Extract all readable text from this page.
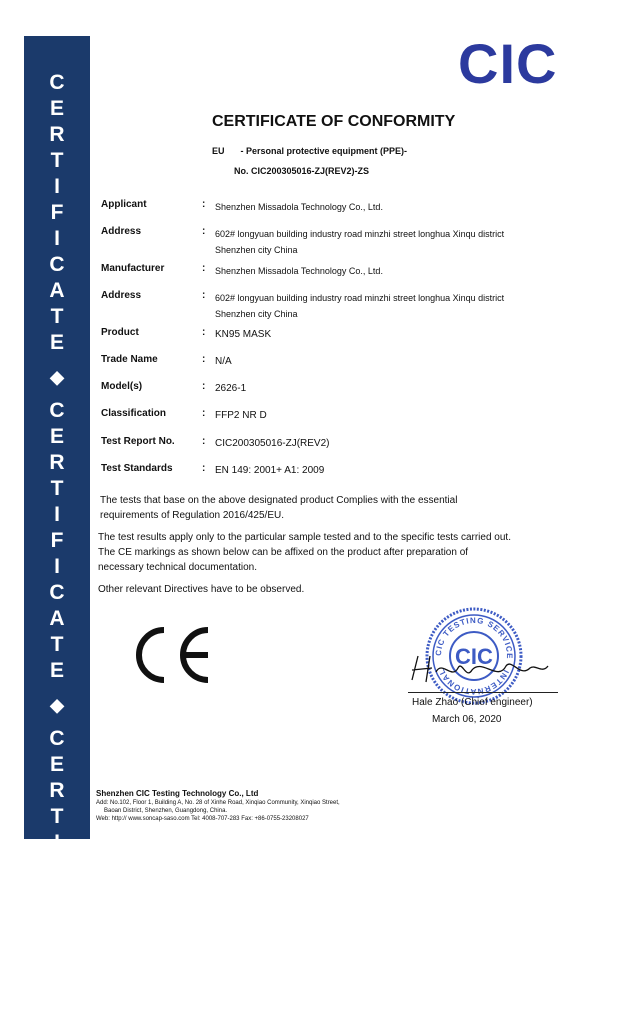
C
E
R
T
I
F
I
C
A
T
E
◆
C
E
R
T
I
F
I
C
A
T
E
◆
C
E
R
T
I
F
I
C
A
T
E
CIC
CERTIFICATE OF CONFORMITY
EU - Personal protective equipment (PPE)-
No. CIC200305016-ZJ(REV2)-ZS
Applicant	: Shenzhen Missadola Technology Co., Ltd.
Address	: 602# longyuan building industry road minzhi street longhua Xinqu district
Shenzhen city China
Manufacturer	: Shenzhen Missadola Technology Co., Ltd.
Address	: 602# longyuan building industry road minzhi street longhua Xinqu district
Shenzhen city China
Product	: KN95 MASK
Trade Name	: N/A
Model(s)	: 2626-1
Classification	: FFP2 NR D
Test Report No.	: CIC200305016-ZJ(REV2)
Test Standards	: EN 149: 2001+ A1: 2009
The tests that base on the above designated product Complies with the essential
requirements of Regulation 2016/425/EU.
The test results apply only to the particular sample tested and to the specific tests carried out.
The CE markings as shown below can be affixed on the product after preparation of
necessary technical documentation.
Other relevant Directives have to be observed.
CIC TESTING SERVICE · INTERNATIONAL
CIC
Hale Zhao (Chief engineer)
March 06, 2020
Shenzhen CIC Testing Technology Co., Ltd
Add: No.102, Floor 1, Building A, No. 28 of Xinhe Road, Xinqiao Community, Xinqiao Street,
Baoan District, Shenzhen, Guangdong, China.
Web: http:// www.soncap-saso.com Tel: 4008-707-283 Fax: +86-0755-23208027
